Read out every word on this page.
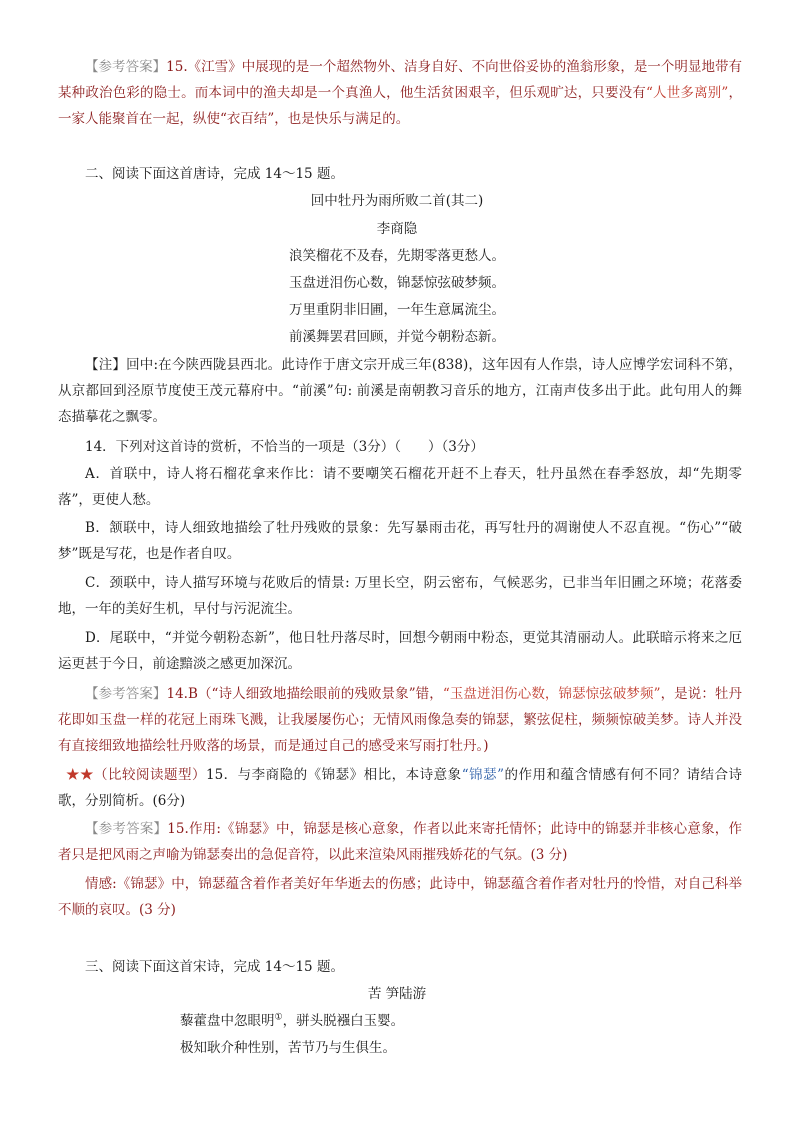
【参考答案】15.《江雪》中展现的是一个超然物外、洁身自好、不向世俗妥协的渔翁形象，是一个明显地带有某种政治色彩的隐士。而本词中的渔夫却是一个真渔人，他生活贫困艰辛，但乐观旷达，只要没有“人世多离别”，一家人能聚首在一起，纵使“衣百结”，也是快乐与满足的。

二、阅读下面这首唐诗，完成 14～15 题。

回中牡丹为雨所败二首(其二)

李商隐

浪笑榴花不及春，先期零落更愁人。

玉盘迸泪伤心数，锦瑟惊弦破梦频。

万里重阴非旧圃，一年生意属流尘。

前溪舞罢君回顾，并觉今朝粉态新。

【注】回中:在今陕西陇县西北。此诗作于唐文宗开成三年(838)，这年因有人作祟，诗人应博学宏词科不第，从京都回到泾原节度使王茂元幕府中。“前溪”句: 前溪是南朝教习音乐的地方，江南声伎多出于此。此句用人的舞态描摹花之飘零。

14．下列对这首诗的赏析，不恰当的一项是（3分）（　　）（3分）

A．首联中，诗人将石榴花拿来作比：请不要嘲笑石榴花开赶不上春天，牡丹虽然在春季怒放，却“先期零落”，更使人愁。

B．颔联中，诗人细致地描绘了牡丹残败的景象：先写暴雨击花，再写牡丹的凋谢使人不忍直视。“伤心”“破梦”既是写花，也是作者自叹。

C．颈联中，诗人描写环境与花败后的情景: 万里长空，阴云密布，气候恶劣，已非当年旧圃之环境；花落委地，一年的美好生机，早付与污泥流尘。

D．尾联中，“并觉今朝粉态新”，他日牡丹落尽时，回想今朝雨中粉态，更觉其清丽动人。此联暗示将来之厄运更甚于今日，前途黯淡之感更加深沉。

【参考答案】14.B（“诗人细致地描绘眼前的残败景象”错，“玉盘迸泪伤心数，锦瑟惊弦破梦频”，是说：牡丹花即如玉盘一样的花冠上雨珠飞溅，让我屡屡伤心；无情风雨像急奏的锦瑟，繁弦促柱，频频惊破美梦。诗人并没有直接细致地描绘牡丹败落的场景，而是通过自己的感受来写雨打牡丹。)

★★（比较阅读题型）15．与李商隐的《锦瑟》相比，本诗意象“锦瑟”的作用和蕴含情感有何不同？请结合诗歌，分别简析。(6分)

【参考答案】15.作用:《锦瑟》中，锦瑟是核心意象，作者以此来寄托情怀；此诗中的锦瑟并非核心意象，作者只是把风雨之声喻为锦瑟奏出的急促音符，以此来渲染风雨摧残娇花的气氛。(3 分)

情感:《锦瑟》中，锦瑟蕴含着作者美好年华逝去的伤感；此诗中，锦瑟蕴含着作者对牡丹的怜惜，对自己科举不顺的哀叹。(3 分)

三、阅读下面这首宋诗，完成 14～15 题。

苦 笋陆游

藜藿盘中忽眼明①，骈头脱襁白玉婴。

极知耿介种性别，苦节乃与生俱生。
